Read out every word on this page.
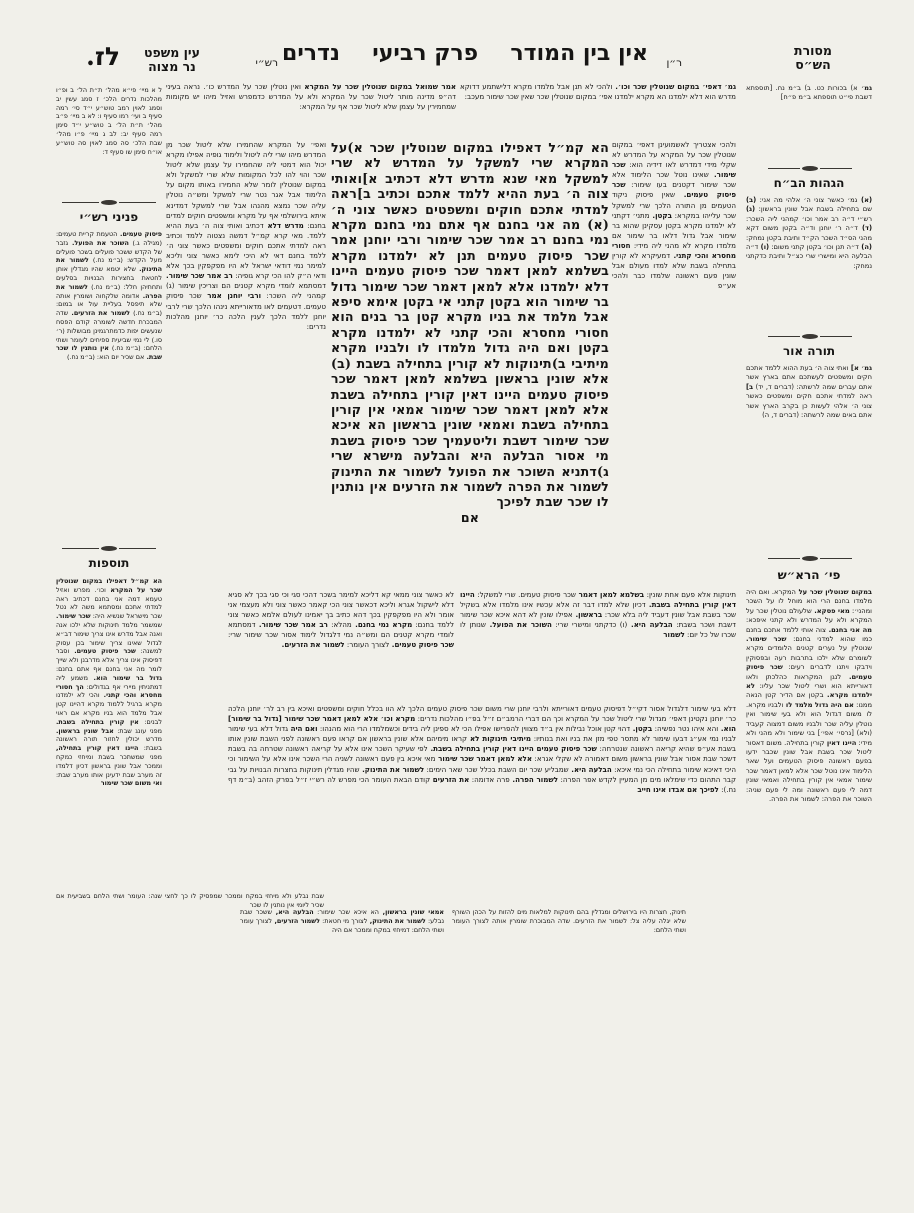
לז.	עין משפט
נר מצוה	רש״י	אין בין המודר
פרק רביעי
נדרים	ר״ן
מסורת
הש״ס
ל א מיי׳ פי״א מהל׳ ת״ת הל׳ ב ופ״ו מהלכות נדרים הלכ׳ ז סמג עשין יב וסמג לאוין רמב טוש״ע י״ד סי׳ רמה סעיף ב ועי׳ רמו סעיף ו: לא ב מיי׳ פ״ב מהל׳ ת״ת הל׳ ב טוש״ע י״ד סימן רמה סעיף יב: לב ג מיי׳ פ״ו מהל׳ שבת הלכ׳ סה סמג לאוין סה טוש״ע או״ח סימן שו סעיף ד:
פניני רש״י
פיסוק טעמים. הטעמת קריית טעמים: (מגילה ג.) השוכר את הפועל. גזבר של הקדש ששכר פועלים בשכר פועלים מעל הקדש: (ב״מ נח.) לשמור את התינוק. שלא יטמא שהיו מגדלין אותן לחטאת בחצירות הבנויות בסלעים ותחתיהן חלל: (ב״מ נח.) לשמור את הפרה. אדומה שלקחוה ושומרין אותה שלא תיפסל בעליית עול או במום: (ב״מ נח.) לשמור את הזרעים. שדה המבכרת חדשה לשומרה קודם הפסח שנעשים יפות כדמתרגמינן מבושלות (ר׳ סו.) לי נמי שביעית ספיחים לעומר ושתי הלחם: (ב״מ נח.) אין נותנין לו שכר שבת. אם שכיר יום הוא: (ב״מ נח.)
תוספות
הא קמ״ל דאפילו במקום שנוטלין שכר על המקרא וכו׳. מפרש ואזיל טעמא דמה אני בחנם דכתיב ראה למדתי אתכם ומסתמא משה לא נטל שכר מישראל שנשיא היה: שכר שימור. שמשמר מלמד תינוקות שלא ילכו אנה ואנה אבל מדרש אינו צריך שימור דב״א לגדול שאינו צריך שימור בכן עסוק למשנה: שכר פיסוק טעמים. וסבר דפיסוק אינו צריך אלא מדרבנן ולא שייך לומר מה אני בחנם אף אתם בחנם: גדול בר שימור הוא. משמע ליה דמתניתין מיירי אף בגדולים: הך חסורי מחסרא והכי קתני. והכי לא ילמדנו מקרא ברגיל ללמוד מקרא דהיינו קטן אבל מלמד הוא בניו מקרא אם ראוי לבנים: אין קורין בתחילה בשבת. מפני עונג שבת: אבל שונין בראשון. מדרש יכולין לחזור תורה ראשונה בשבת: היינו דאין קורין בתחילה, מפני שמשתכר בשבת ומיחזי כמקח וממכר אבל שונין בראשון דכיון דלמדו זה מערב שבת ידעינן אותו מערב שבת: ואי משום שכר שימור
שבת נבלע ולא מיחזי במקח וממכר שמפסיק לו כך לחצי שנה: העומר ושתי הלחם בשביעית אם שכיר ליומי אין נותנין לו שכר
אמר שמואל במקום שנוטלין שכר על המקרא ואין נוטלין שכר על המדרש כו׳. נראה בעיני דה״פ מדינה מותר ליטול שכר על המקרא ולא על המדרש כדמפרש ואזיל מיהו יש מקומות שמחמירין על עצמן שלא ליטול שכר אף על המקרא:
ואפי׳ על המקרא שהחמירו שלא ליטול שכר מן המדרש מיהו שרי ליה ליטול ולימוד גופיה אפילו מקרא יכול הוא דמטי ליה שהחמירו על עצמן שלא ליטול שכר והוי להו לכל המקומות שלא שרי למשקל ולא במקום שנוטלין לומר שלא החמירו באותו מקום על הלימוד אבל אגר נטר שרי למשקל ומש״ה נוטלין עליה שכר נמצא מהנהו אבל שרי למשקל דמדינא איתא בירושלמי אף על מקרא ומשפטים חוקים למדים בחנם: מדרש דלא דכתיב ואותי צוה ה׳ בעת ההיא ללמד. מאי קרא קמ״ל דמשה נצטוה ללמד וכתיב ראה למדתי אתכם חוקים ומשפטים כאשר צוני ה׳ ללמד בחנם דאי לא היכי לימא כאשר צוני וליכא למימר נמי דודאי ישראל לא היו מפקפקין בכך אלא ודאי ה״ק להו הכי קרא גופיה: רב אמר שכר שימור. דמסתמא לומדי מקרא קטנים הם וצריכין שימור (ג) קמהני ליה השכר: ורבי יוחנן אמר שכר פיסוק טעמים. דטעמים לאו מדאורייתא נינהו הלכך שרי לרבי יוחנן ללמד הלכך לענין הלכה כר׳ יוחנן מהלכות נדרים:
לא כאשר צוני ממאי קא דליכא למימר בשכר דהכי סגי וכי סגי בכך לא סגיא דלא לישקול אגרא וליכא דכאשר צוני הכי קאמר כאשר צוני ולא מעצמי אני אומר ולא היו מפקפקין בכך דהא כתיב בך יאמינו לעולם אלמא כאשר צוני ללמד בחנם: מקרא נמי בחנם. מהלא: רב אמר שכר שימור. דמסתמא לומדי מקרא קטנים הם ומש״ה נמי דלגדול לימוד אסור שכר שימור שרי: שכר פיסוק טעמים. לצורך העומר: לשמור את הזרעים.
הא קמ״ל דאפילו במקום שנוטלין שכר א)על המקרא שרי למשקל על המדרש לא שרי למשקל מאי שנא מדרש דלא דכתיב א]ואותי צוה ה׳ בעת ההיא ללמד אתכם וכתיב ב]ראה למדתי אתכם חוקים ומשפטים כאשר צוני ה׳ (א) מה אני בחנם אף אתם נמי בחנם מקרא נמי בחנם רב אמר שכר שימור ורבי יוחנן אמר שכר פיסוק טעמים תנן לא ילמדנו מקרא בשלמא למאן דאמר שכר פיסוק טעמים היינו דלא ילמדנו אלא למאן דאמר שכר שימור גדול בר שימור הוא בקטן קתני אי בקטן אימא סיפא אבל מלמד את בניו מקרא קטן בר בנים הוא חסורי מחסרא והכי קתני לא ילמדנו מקרא בקטן ואם היה גדול מלמדו לו ולבניו מקרא מיתיבי ב)תינוקות לא קורין בתחילה בשבת (ב) אלא שונין בראשון בשלמא למאן דאמר שכר פיסוק טעמים היינו דאין קורין בתחילה בשבת אלא למאן דאמר שכר שימור אמאי אין קורין בתחילה בשבת ואמאי שונין בראשון הא איכא שכר שימור דשבת וליטעמיך שכר פיסוק בשבת מי אסור הבלעה היא והבלעה מישרא שרי ג)דתניא השוכר את הפועל לשמור את התינוק לשמור את הפרה לשמור את הזרעים אין נותנין לו שכר שבת לפיכך
אם
גמ׳ דאפי׳ במקום שנוטלין שכר וכו׳. ולהכי לא תנן אבל מלמדו מקרא דלישתמע דדוקא מדרש הוא דלא ילמדנו הא מקרא ילמדנו אפי׳ במקום שנוטלין שכר שאין שכר שימור מעכב:
ולהכי אצטריך לאשמועינן דאפי׳ במקום שנוטלין שכר על המקרא על המדרש לא שקלי מידי דמדרש לאו דידיה הוא: שכר שימור. שאינו נוטל שכר הלימוד אלא שכר שימור דקטנים בעו שימור: שכר פיסוק טעמים. שאין פיסוק ניקוד הטעמים מן התורה הלכך שרי למשקל שכר עלייהו במקרא: בקטן. מתני׳ דקתני לא ילמדנו מקרא בקטן עסקינן שהוא בר שימור אבל גדול דלאו בר שימור אם מלמדו מקרא לא מהני ליה מידי: חסורי מחסרא והכי קתני. דמעיקרא לא קורין בתחילה בשבת שלא למדו מעולם אבל שונין פעם ראשונה שלמדו כבר ולהכי אע״פ
תינוקות אלא פעם אחת שונין: בשלמא למאן דאמר שכר פיסוק טעמים. שרי למשקל: היינו דאין קורין בתחילה בשבת. דכיון שלא למדו דבר זה אלא עכשיו אינו מלמדו אלא בשקיל שכר בשבת אבל שונין דעביד ליה בלא שכר: בראשון. אפילו שונין לא דהא איכא שכר שימור דשבת ושכר בשבת: הבלעה היא. (ו) כדקתני ומישרי שרי: השוכר את הפועל. שנותן לו שכרו של כל יום: לשמור
דלא בעי שימור דלגדול אסור דקי״ל דפיסוק טעמים דאורייתא ולרבי יוחנן שרי משום שכר פיסוק טעמים הלכך לא הוו בכלל חוקים ומשפטים ואיכא בין רב לר׳ יוחנן הלכה כר׳ יוחנן נקטינן דאפי׳ מגדול שרי ליטול שכר על המקרא וכך הם דברי הרמב״ם ז״ל בפ״ו מהלכות נדרים: מקרא וכו׳ אלא למאן דאמר שכר שימור [גדול בר שימור] הוא. והא איהו נטר נפשיה: בקטן. דהוי קטן אוכל נבילות אין ב״ד מצווין להפרישו אפילו הכי לא ספינן ליה בידים וכשמלמדו הרי הוא מהנהו: ואם היה גדול דלא בעי שימור לבניו נמי אע״ג דבעו שימור לא מתסר טפי מזן את בניו ואת בנותיו: מיתיבי תינוקות לא קראו מימיהם אלא שונין בראשון אם קראו פעם ראשונה לפני השבת שונין אותו בשבת אע״פ שהיא קריאה ראשונה שנטרחה: שכר פיסוק טעמים היינו דאין קורין בתחילה בשבת. לפי שעיקר השכר אינו אלא על קריאה ראשונה שטרחה בה בשבת דשכר שבת אסור אבל שונין בראשון משום דאמורה לא שקלי אגרא: אלא למאן דאמר שכר שימור מאי איכא בין פעם ראשונה לשניה הרי השכר אינו אלא על השימור וכי היכי דאיכא שימור בתחילה הכי נמי איכא: הבלעה היא. שמבליע שכר יום השבת בכלל שכר שאר הימים: לשמור את התינוק. שהיו מגדלין תינוקות בחצרות הבנויות על גבי קבר התהום כדי שימלאו מים מן המעיין לקדש אפר הפרה: לשמור הפרה. פרה אדומה: את הזרעים קודם הבאת העומר הכי מפרש לה רש״י ז״ל בפרק הזהב (ב״מ דף נח.): לפיכך אם אבדו אינו חייב
תינוק, חצרות היו בירושלים ומגדלין בהם תינוקות למלאות מים להזות על הכהן השורף שלא יגלה עליה צל: לשמור את הזרעים. שדה המבוכרת שומרין אותה לצורך העומר ושתי הלחם:
אמאי שונין בראשון, הא איכא שכר שימור: הבלעה היא, ששכר שבת נבלע: לשמור את התינוק, לצורך מי חטאת: לשמור הזרעים, לצורך עומר ושתי הלחם: דמיחזי במקח וממכר אם היה
גמ׳ א) בכורות כט. ב) ב״מ נח. [תוספתא דשבת פי״ט תוספתא ב״מ פ״ח]
הגהות הב״ח
(א) גמ׳ כאשר צוני ה׳ אלהי מה אני: (ב) שם בתחילה בשבת אבל שונין בראשון: (ג) רש״י ד״ה רב אמר וכו׳ קמהני ליה השכר: (ד) ד״ה ר׳ יוחנן וד״ה בקטן משום דקא מהני הס״ד השכר הק״ד ותיבת בקטן נמחק: (ה) ד״ה תנן וכו׳ בקטן קתני משום: (ו) ד״ה הבלעה היא ומישרי שרי כצ״ל ותיבת כדקתני נמחק:
תורה אור
גמ׳ א] ואתי צוה ה׳ בעת ההוא ללמד אתכם חקים ומשפטים לעשתכם אתם בארץ אשר אתם עברים שמה לרשתה: (דברים ד, יד) ב] ראה למדתי אתכם חקים ומשפטים כאשר צוני ה׳ אלהי לעשות כן בקרב הארץ אשר אתם באים שמה לרשתה: (דברים ד, ה)
פי׳ הרא״ש
במקום שנוטלין שכר על המקרא. ואם היה מלמדו בחנם הרי הוא מוחל לו על השכר ומהני׳: מאי פסקא. שלעולם נוטלין שכר על המקרא ולא על המדרש ולא קתני איפכא: מה אני בחנם. צוה אותי ללמד אתכם בחנם כמו שהוא למדני בחנם: שכר שימור. שנוטלין על נערים קטנים הלומדים מקרא לשומרם שלא ילכו בתרבות רעה ובפסוקין וידבקו ויתנו לדברים רעים: שכר פיסוק טעמים. לנגן המקראות כהלכתן ולאו דאורייתא הוא ושרי ליטול שכר עליו: לא ילמדנו מקרא. בקטן אם הדיר קטן הנאה ממנו: אם היה גדול מלמד לו ולבניו מקרא. לו משום דגדול הוא ולא בעי שימור ואין נוטלין עליה שכר ולבניו משום דמצוה קעביד (ולא) [גרסי׳ אפי׳] בני שימור ולא מהני ולא מידי: היינו דאין קורין בתחילה. משום דאסור ליטול שכר בשבת אבל שונין שכבר ידעו בפעם ראשונה פיסוק הטעמים ועל שאר הלימוד אינו נוטל שכר אלא למאן דאמר שכר שימור אמאי אין קורין בתחילה ואמאי שונין דמה לי פעם ראשונה ומה לי פעם שניה: השוכר את הפרה: לשמור את הפרה.
